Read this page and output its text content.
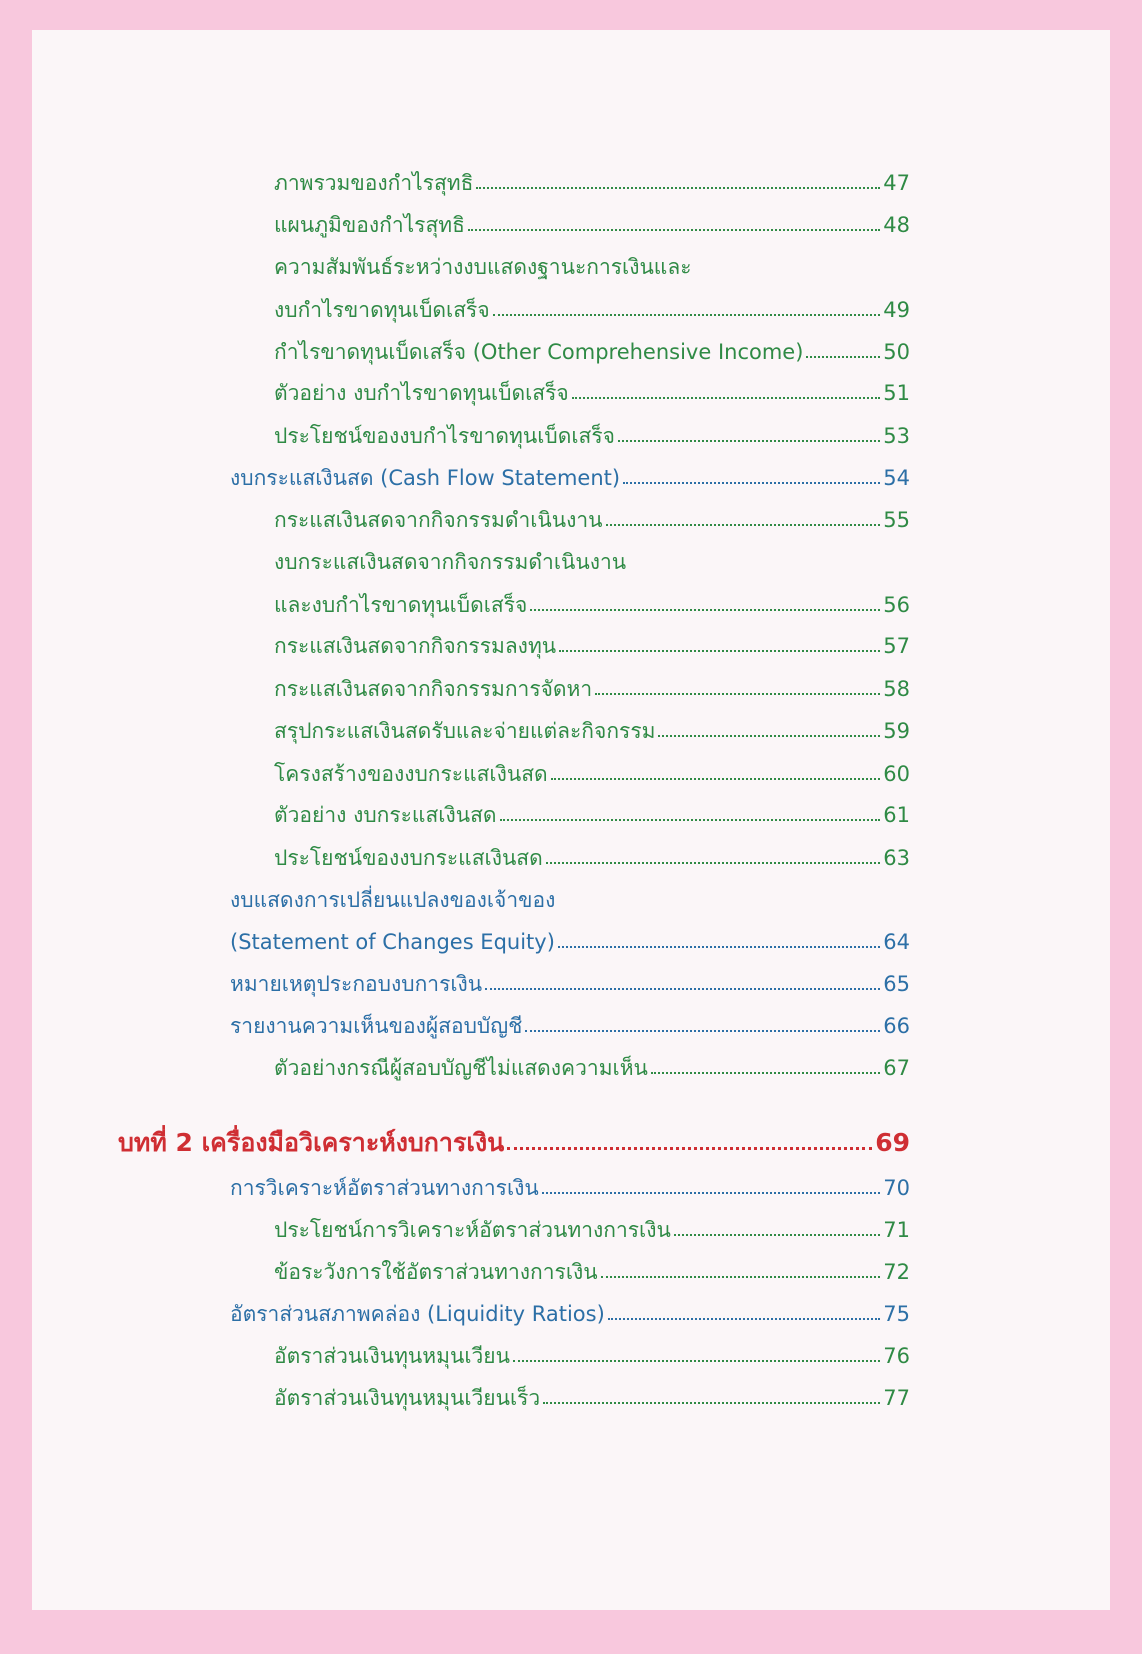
ภาพรวมของกำไรสุทธิ	47
แผนภูมิของกำไรสุทธิ	48
ความสัมพันธ์ระหว่างงบแสดงฐานะการเงินและ
งบกำไรขาดทุนเบ็ดเสร็จ	49
กำไรขาดทุนเบ็ดเสร็จ (Other Comprehensive Income)	50
ตัวอย่าง งบกำไรขาดทุนเบ็ดเสร็จ	51
ประโยชน์ของงบกำไรขาดทุนเบ็ดเสร็จ	53
งบกระแสเงินสด (Cash Flow Statement)	54
กระแสเงินสดจากกิจกรรมดำเนินงาน	55
งบกระแสเงินสดจากกิจกรรมดำเนินงาน
และงบกำไรขาดทุนเบ็ดเสร็จ	56
กระแสเงินสดจากกิจกรรมลงทุน	57
กระแสเงินสดจากกิจกรรมการจัดหา	58
สรุปกระแสเงินสดรับและจ่ายแต่ละกิจกรรม	59
โครงสร้างของงบกระแสเงินสด	60
ตัวอย่าง งบกระแสเงินสด	61
ประโยชน์ของงบกระแสเงินสด	63
งบแสดงการเปลี่ยนแปลงของเจ้าของ
(Statement of Changes Equity)	64
หมายเหตุประกอบงบการเงิน	65
รายงานความเห็นของผู้สอบบัญชี	66
ตัวอย่างกรณีผู้สอบบัญชีไม่แสดงความเห็น	67
บทที่ 2 เครื่องมือวิเคราะห์งบการเงิน	69
การวิเคราะห์อัตราส่วนทางการเงิน	70
ประโยชน์การวิเคราะห์อัตราส่วนทางการเงิน	71
ข้อระวังการใช้อัตราส่วนทางการเงิน	72
อัตราส่วนสภาพคล่อง (Liquidity Ratios)	75
อัตราส่วนเงินทุนหมุนเวียน	76
อัตราส่วนเงินทุนหมุนเวียนเร็ว	77
